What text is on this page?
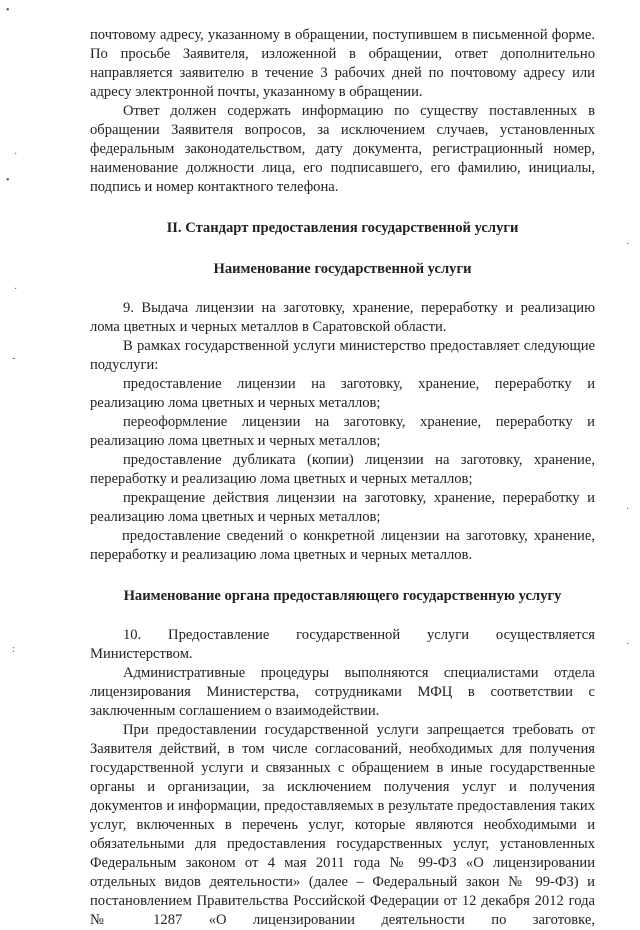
•
·
•
·
-
:
·
·
·

почтовому адресу, указанному в обращении, поступившем в письменной форме. По просьбе Заявителя, изложенной в обращении, ответ дополнительно направляется заявителю в течение 3 рабочих дней по почтовому адресу или адресу электронной почты, указанному в обращении.

Ответ должен содержать информацию по существу поставленных в обращении Заявителя вопросов, за исключением случаев, установленных федеральным законодательством, дату документа, регистрационный номер, наименование должности лица, его подписавшего, его фамилию, инициалы, подпись и номер контактного телефона.

II. Стандарт предоставления государственной услуги
Наименование государственной услуги

9. Выдача лицензии на заготовку, хранение, переработку и реализацию лома цветных и черных металлов в Саратовской области.

В рамках государственной услуги министерство предоставляет следующие подуслуги:

предоставление лицензии на заготовку, хранение, переработку и реализацию лома цветных и черных металлов;

переоформление лицензии на заготовку, хранение, переработку и реализацию лома цветных и черных металлов;

предоставление дубликата (копии) лицензии на заготовку, хранение, переработку и реализацию лома цветных и черных металлов;

прекращение действия лицензии на заготовку, хранение, переработку и реализацию лома цветных и черных металлов;

предоставление сведений о конкретной лицензии на заготовку, хранение, переработку и реализацию лома цветных и черных металлов.

Наименование органа предоставляющего государственную услугу

10. Предоставление государственной услуги осуществляется Министерством.

Административные процедуры выполняются специалистами отдела лицензирования Министерства, сотрудниками МФЦ в соответствии с заключенным соглашением о взаимодействии.

При предоставлении государственной услуги запрещается требовать от Заявителя действий, в том числе согласований, необходимых для получения государственной услуги и связанных с обращением в иные государственные органы и организации, за исключением получения услуг и получения документов и информации, предоставляемых в результате предоставления таких услуг, включенных в перечень услуг, которые являются необходимыми и обязательными для предоставления государственных услуг, установленных Федеральным законом от 4 мая 2011 года № 99-ФЗ «О лицензировании отдельных видов деятельности» (далее – Федеральный закон № 99-ФЗ) и постановлением Правительства Российской Федерации от 12 декабря 2012 года № 1287 «О лицензировании деятельности по заготовке,
